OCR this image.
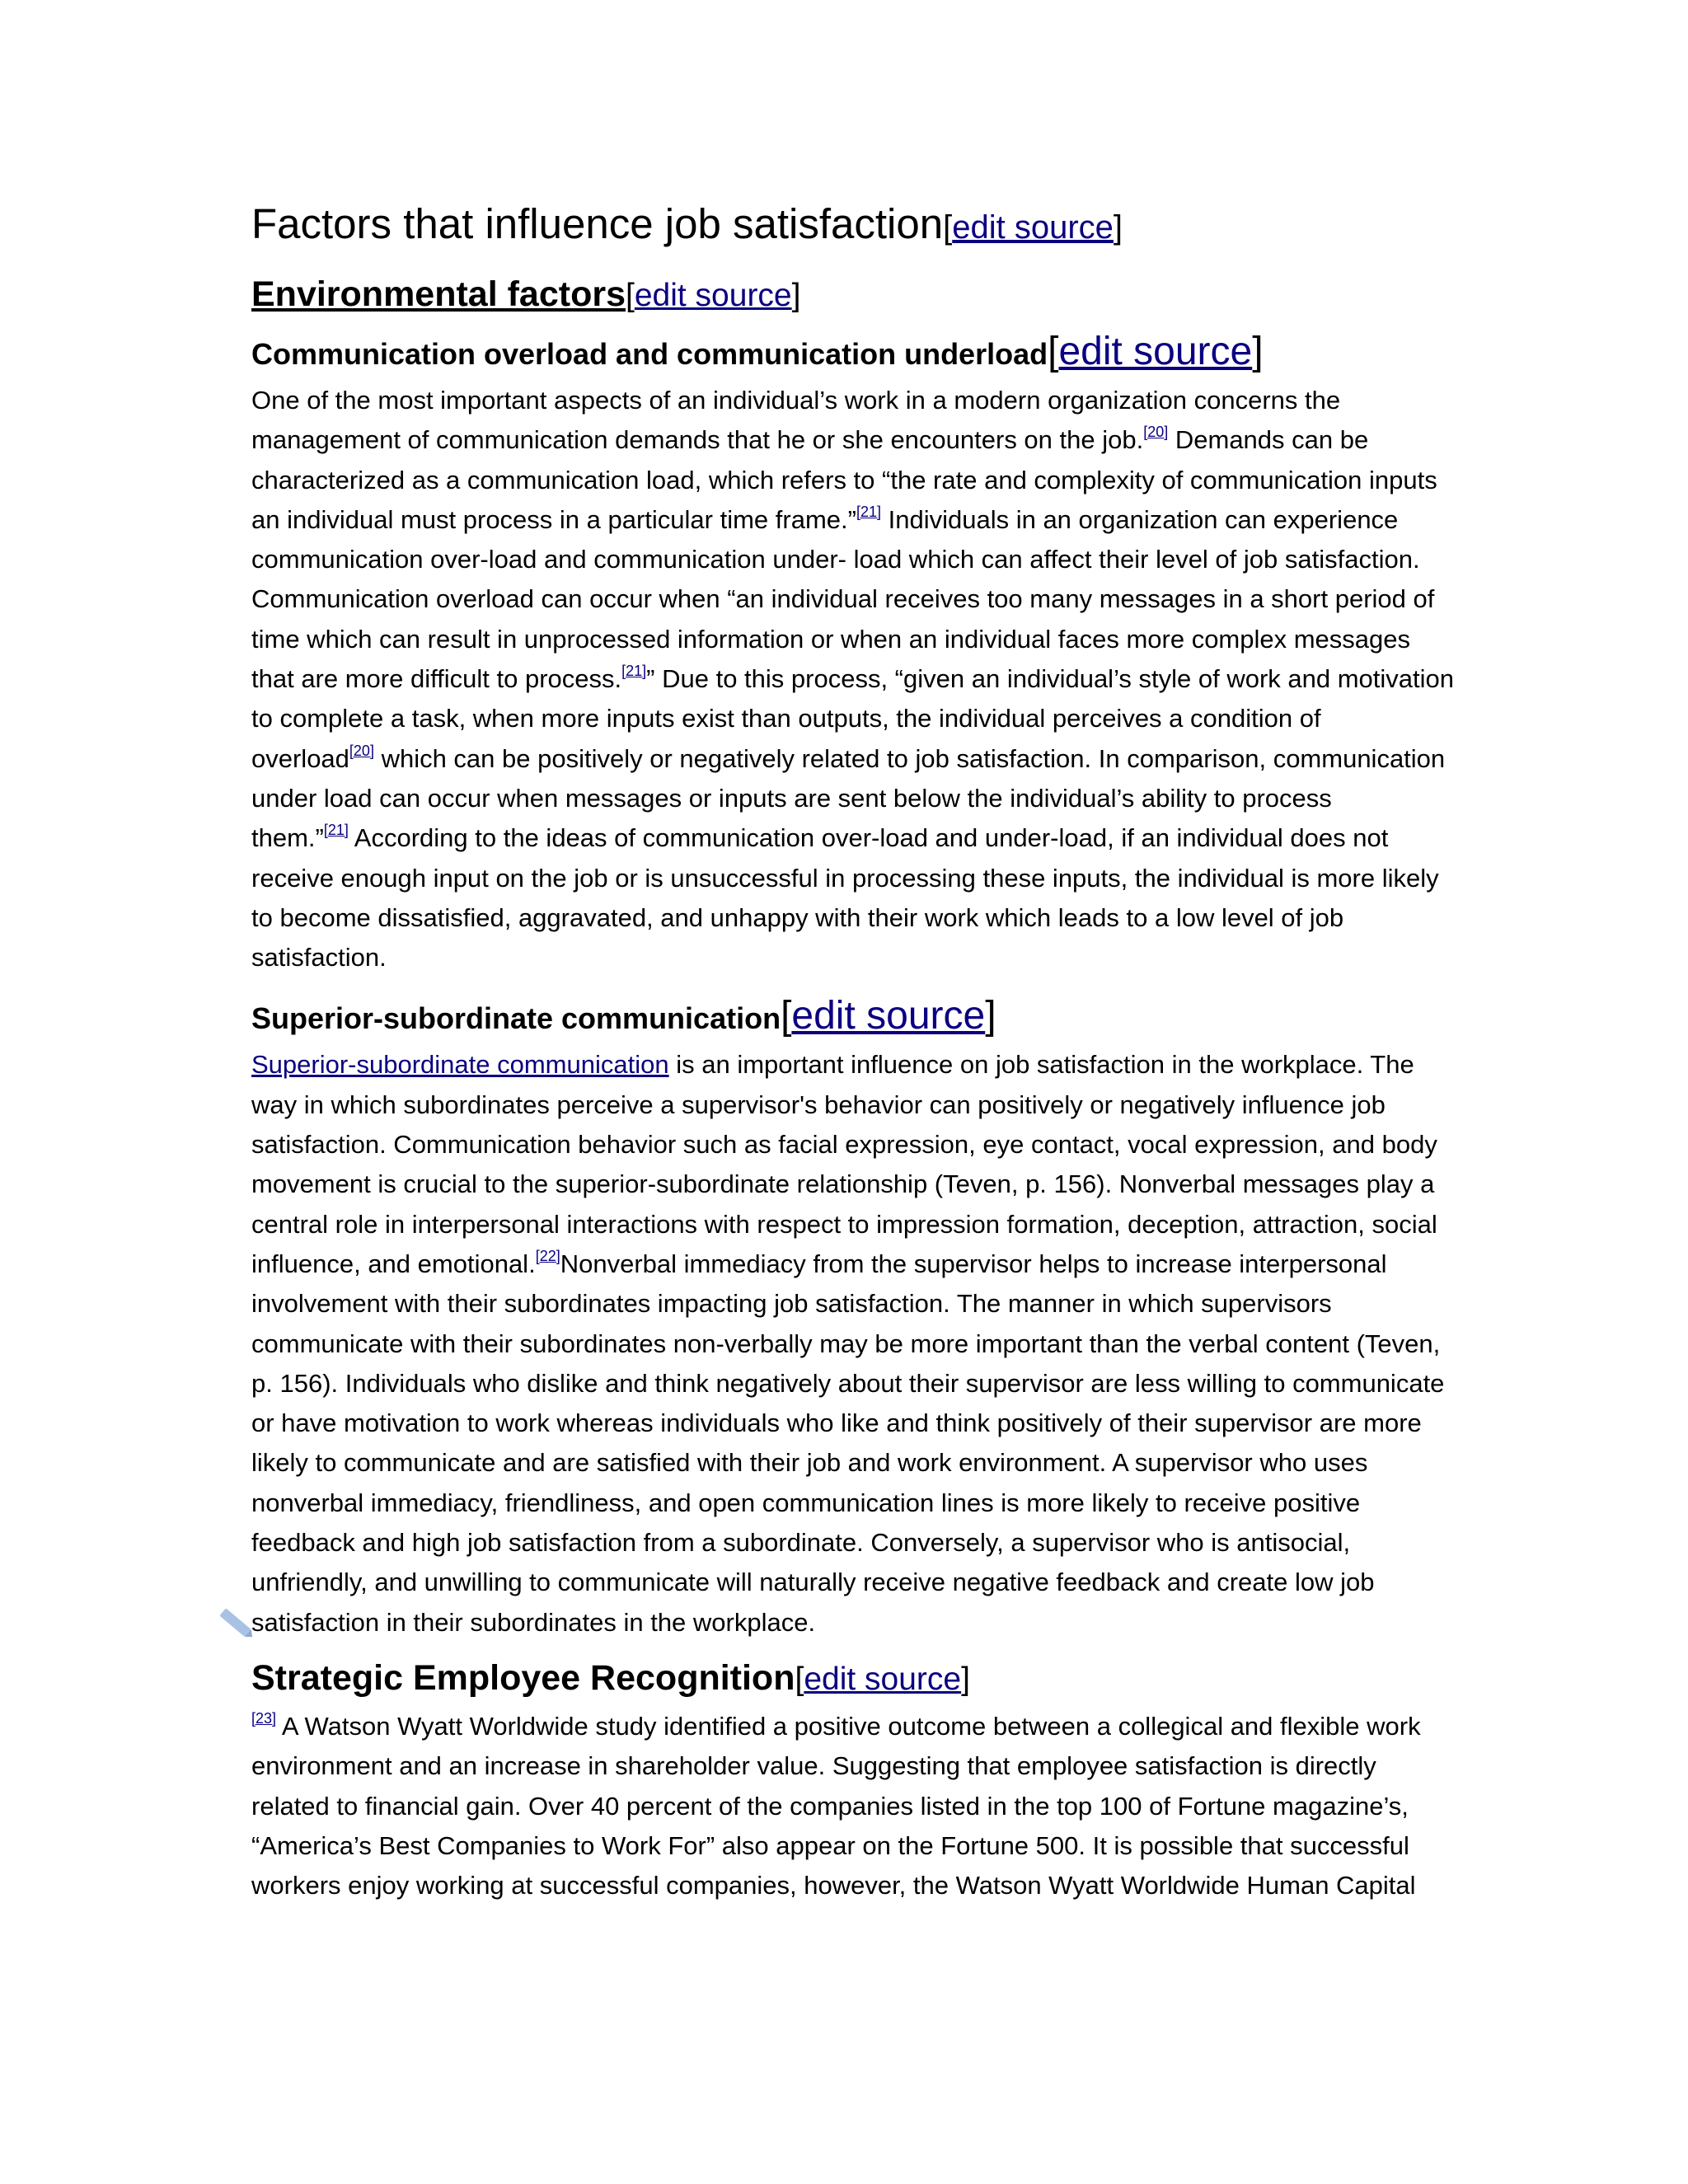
Factors that influence job satisfaction[edit source]
Environmental factors[edit source]
Communication overload and communication underload[edit source]

One of the most important aspects of an individual’s work in a modern organization concerns the
management of communication demands that he or she encounters on the job.[20] Demands can be
characterized as a communication load, which refers to “the rate and complexity of communication inputs
an individual must process in a particular time frame.”[21] Individuals in an organization can experience
communication over-load and communication under- load which can affect their level of job satisfaction.
Communication overload can occur when “an individual receives too many messages in a short period of
time which can result in unprocessed information or when an individual faces more complex messages
that are more difficult to process.[21]” Due to this process, “given an individual’s style of work and motivation
to complete a task, when more inputs exist than outputs, the individual perceives a condition of
overload[20] which can be positively or negatively related to job satisfaction. In comparison, communication
under load can occur when messages or inputs are sent below the individual’s ability to process
them.”[21] According to the ideas of communication over-load and under-load, if an individual does not
receive enough input on the job or is unsuccessful in processing these inputs, the individual is more likely
to become dissatisfied, aggravated, and unhappy with their work which leads to a low level of job
satisfaction.

Superior-subordinate communication[edit source]

Superior-subordinate communication is an important influence on job satisfaction in the workplace. The
way in which subordinates perceive a supervisor's behavior can positively or negatively influence job
satisfaction. Communication behavior such as facial expression, eye contact, vocal expression, and body
movement is crucial to the superior-subordinate relationship (Teven, p. 156). Nonverbal messages play a
central role in interpersonal interactions with respect to impression formation, deception, attraction, social
influence, and emotional.[22]Nonverbal immediacy from the supervisor helps to increase interpersonal
involvement with their subordinates impacting job satisfaction. The manner in which supervisors
communicate with their subordinates non-verbally may be more important than the verbal content (Teven,
p. 156). Individuals who dislike and think negatively about their supervisor are less willing to communicate
or have motivation to work whereas individuals who like and think positively of their supervisor are more
likely to communicate and are satisfied with their job and work environment. A supervisor who uses
nonverbal immediacy, friendliness, and open communication lines is more likely to receive positive
feedback and high job satisfaction from a subordinate. Conversely, a supervisor who is antisocial,
unfriendly, and unwilling to communicate will naturally receive negative feedback and create low job
satisfaction in their subordinates in the workplace.

Strategic Employee Recognition[edit source]

[23] A Watson Wyatt Worldwide study identified a positive outcome between a collegical and flexible work
environment and an increase in shareholder value. Suggesting that employee satisfaction is directly
related to financial gain. Over 40 percent of the companies listed in the top 100 of Fortune magazine’s,
“America’s Best Companies to Work For” also appear on the Fortune 500. It is possible that successful
workers enjoy working at successful companies, however, the Watson Wyatt Worldwide Human Capital
